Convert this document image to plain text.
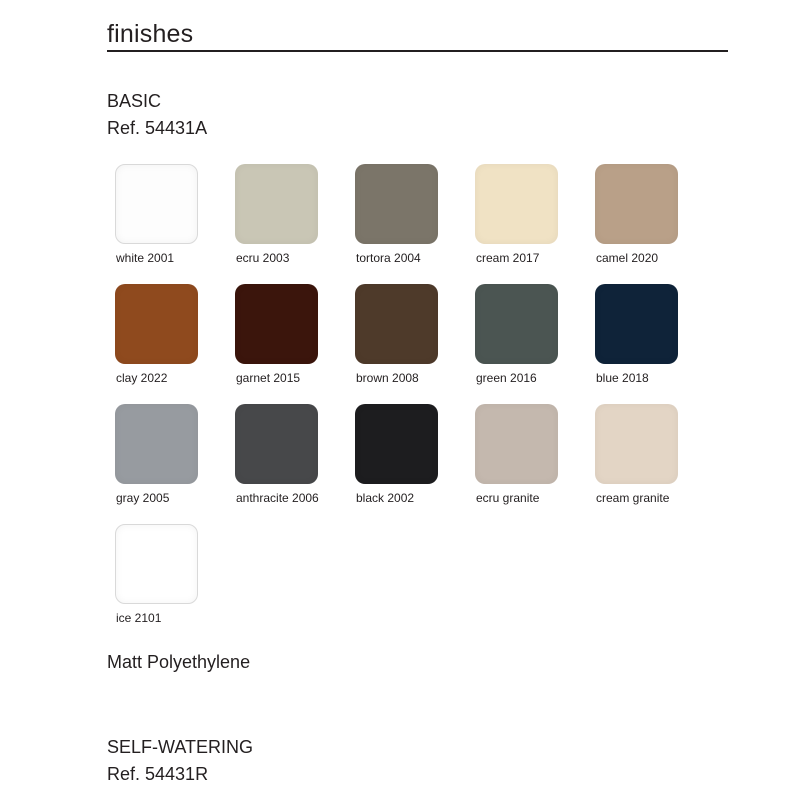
finishes
BASIC
Ref. 54431A
white 2001	ecru 2003	tortora 2004	cream 2017	camel 2020
clay 2022	garnet 2015	brown 2008	green 2016	blue 2018
gray 2005	anthracite 2006	black 2002	ecru granite	cream granite
ice 2101
Matt Polyethylene
SELF-WATERING
Ref. 54431R
